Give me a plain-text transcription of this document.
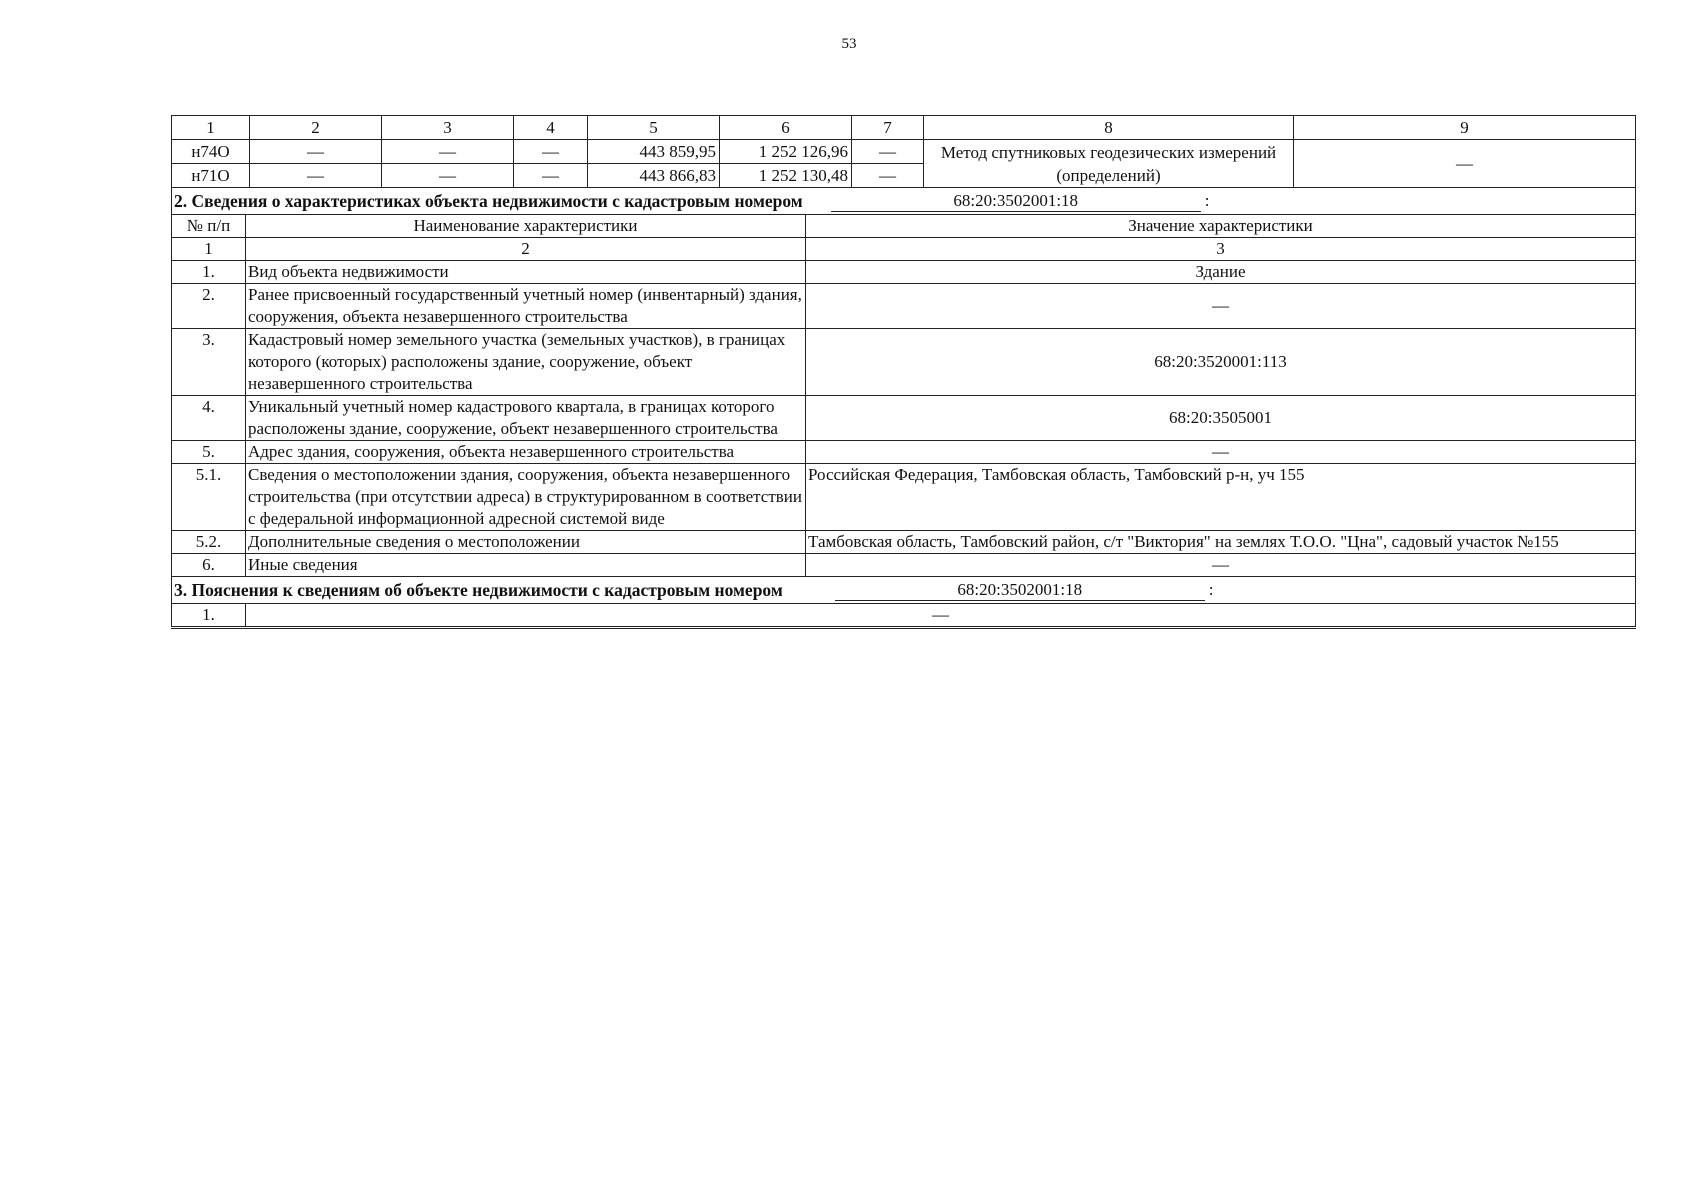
53
1	2	3	4	5	6	7	8	9
н74О	—	—	—	443 859,95	1 252 126,96	—	Метод спутниковых геодезических измерений (определений)	—
н71О	—	—	—	443 866,83	1 252 130,48	—		
2. Сведения о характеристиках объекта недвижимости с кадастровым номером 68:20:3502001:18 :		

№ п/п	Наименование характеристики	Значение характеристики
1	2	3
1.	Вид объекта недвижимости	Здание
2.	Ранее присвоенный государственный учетный номер (инвентарный) здания, сооружения, объекта незавершенного строительства	—
3.	Кадастровый номер земельного участка (земельных участков), в границах которого (которых) расположены здание, сооружение, объект незавершенного строительства	68:20:3520001:113
4.	Уникальный учетный номер кадастрового квартала, в границах которого расположены здание, сооружение, объект незавершенного строительства	68:20:3505001
5.	Адрес здания, сооружения, объекта незавершенного строительства	—
5.1.	Сведения о местоположении здания, сооружения, объекта незавершенного строительства (при отсутствии адреса) в структурированном в соответствии с федеральной информационной адресной системой виде	Российская Федерация, Тамбовская область, Тамбовский р-н, уч 155
5.2.	Дополнительные сведения о местоположении	Тамбовская область, Тамбовский район, с/т "Виктория" на землях Т.О.О. "Цна", садовый участок №155
6.	Иные сведения	—
3. Пояснения к сведениям об объекте недвижимости с кадастровым номером	68:20:3502001:18	:

1.	—
